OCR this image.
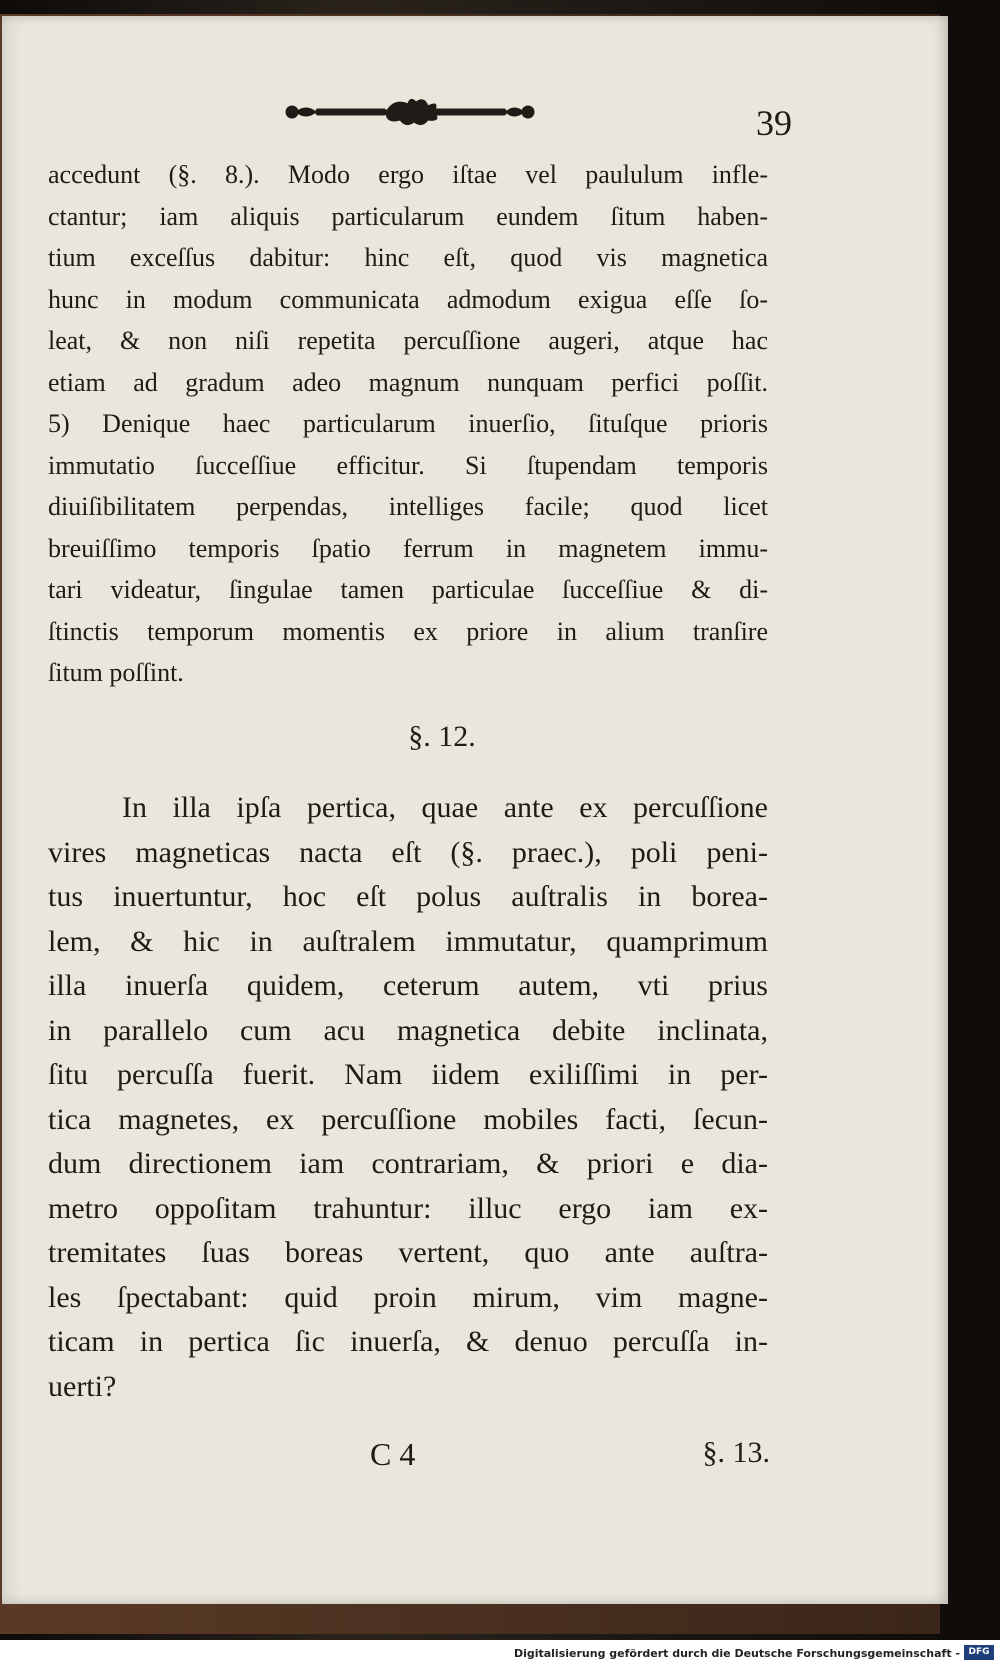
39
accedunt (§. 8.). Modo ergo iſtae vel paululum infle-
ctantur; iam aliquis particularum eundem ſitum haben-
tium exceſſus dabitur: hinc eſt, quod vis magnetica
hunc in modum communicata admodum exigua eſſe ſo-
leat, & non niſi repetita percuſſione augeri, atque hac
etiam ad gradum adeo magnum nunquam perfici poſſit.
5) Denique haec particularum inuerſio, ſituſque prioris
immutatio ſucceſſiue efficitur. Si ſtupendam temporis
diuiſibilitatem perpendas, intelliges facile; quod licet
breuiſſimo temporis ſpatio ferrum in magnetem immu-
tari videatur, ſingulae tamen particulae ſucceſſiue & di-
ſtinctis temporum momentis ex priore in alium tranſire
ſitum poſſint.
§. 12.
In illa ipſa pertica, quae ante ex percuſſione
vires magneticas nacta eſt (§. praec.), poli peni-
tus inuertuntur, hoc eſt polus auſtralis in borea-
lem, & hic in auſtralem immutatur, quamprimum
illa inuerſa quidem, ceterum autem, vti prius
in parallelo cum acu magnetica debite inclinata,
ſitu percuſſa fuerit. Nam iidem exiliſſimi in per-
tica magnetes, ex percuſſione mobiles facti, ſecun-
dum directionem iam contrariam, & priori e dia-
metro oppoſitam trahuntur: illuc ergo iam ex-
tremitates ſuas boreas vertent, quo ante auſtra-
les ſpectabant: quid proin mirum, vim magne-
ticam in pertica ſic inuerſa, & denuo percuſſa in-
uerti?
C 4	§. 13.
Digitalisierung gefördert durch die Deutsche Forschungsgemeinschaft - DFG
